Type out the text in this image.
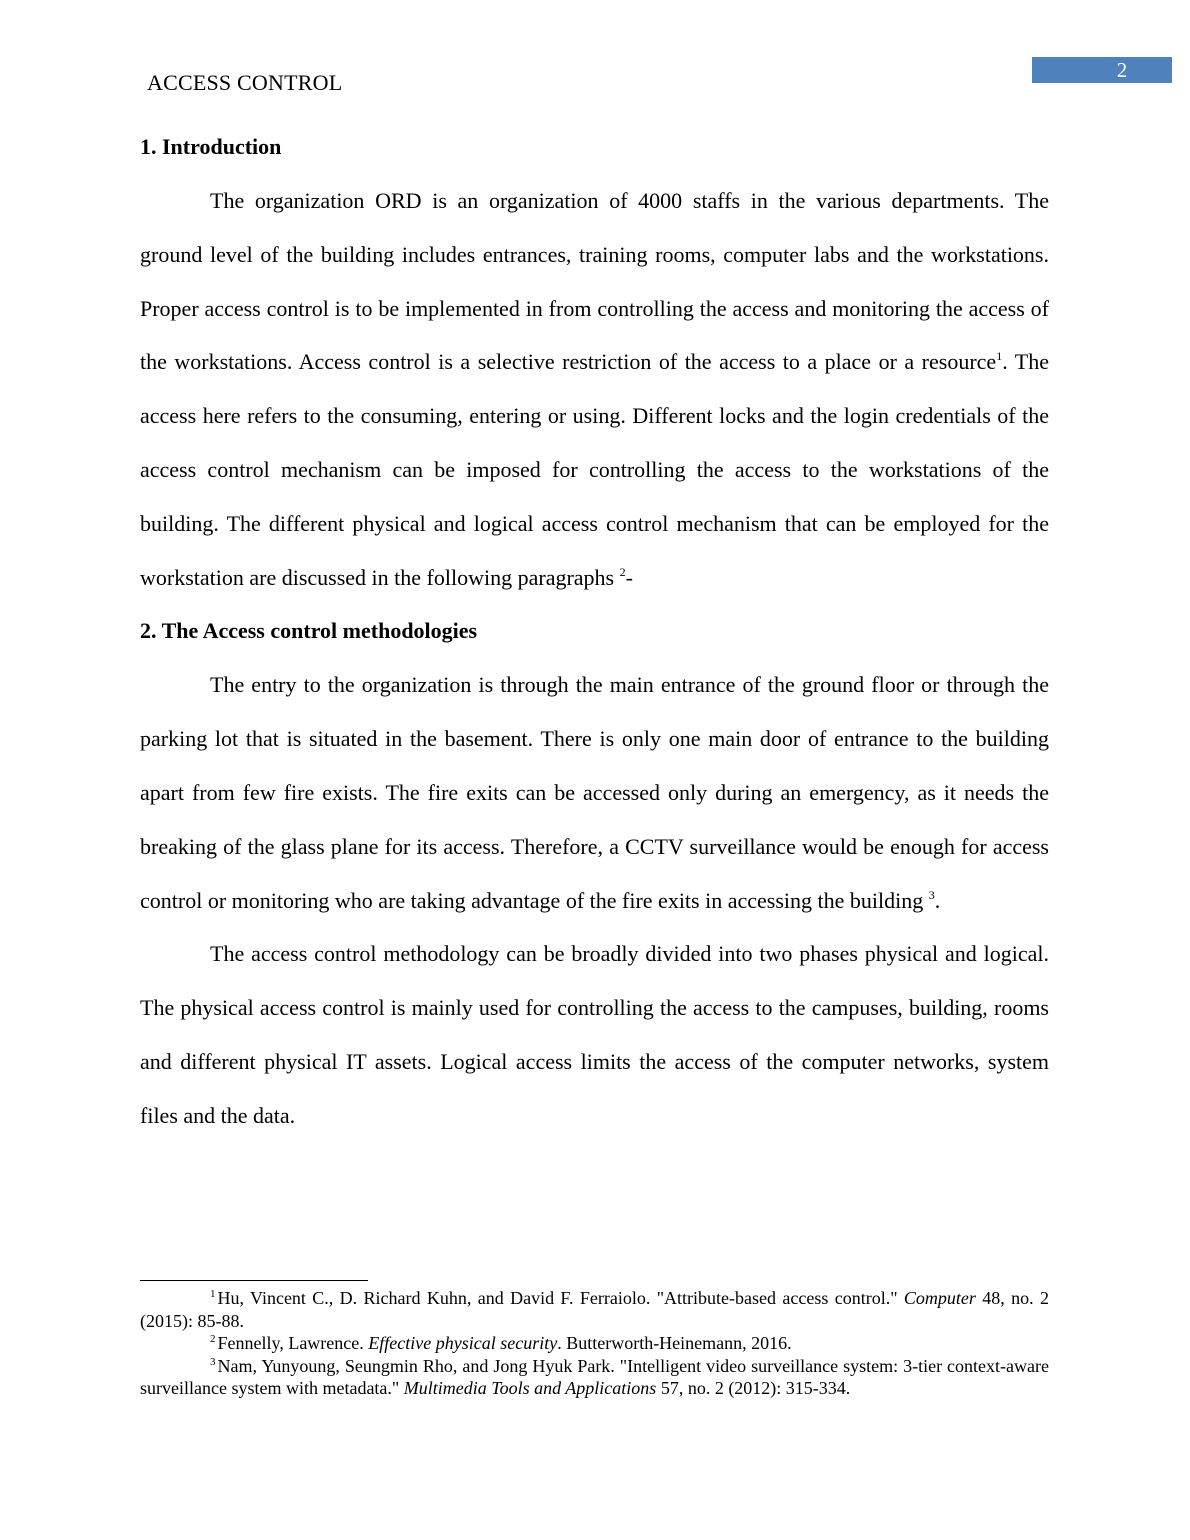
ACCESS CONTROL	2
1. Introduction

The organization ORD is an organization of 4000 staffs in the various departments. The ground level of the building includes entrances, training rooms, computer labs and the workstations. Proper access control is to be implemented in from controlling the access and monitoring the access of the workstations. Access control is a selective restriction of the access to a place or a resource$^1$. The access here refers to the consuming, entering or using. Different locks and the login credentials of the access control mechanism can be imposed for controlling the access to the workstations of the building. The different physical and logical access control mechanism that can be employed for the workstation are discussed in the following paragraphs $^2$-

2. The Access control methodologies

The entry to the organization is through the main entrance of the ground floor or through the parking lot that is situated in the basement. There is only one main door of entrance to the building apart from few fire exists. The fire exits can be accessed only during an emergency, as it needs the breaking of the glass plane for its access. Therefore, a CCTV surveillance would be enough for access control or monitoring who are taking advantage of the fire exits in accessing the building $^3$.

The access control methodology can be broadly divided into two phases physical and logical. The physical access control is mainly used for controlling the access to the campuses, building, rooms and different physical IT assets. Logical access limits the access of the computer networks, system files and the data.

$^1$ Hu, Vincent C., D. Richard Kuhn, and David F. Ferraiolo. "Attribute-based access control." Computer 48, no. 2 (2015): 85-88.

$^2$ Fennelly, Lawrence. Effective physical security. Butterworth-Heinemann, 2016.

$^3$ Nam, Yunyoung, Seungmin Rho, and Jong Hyuk Park. "Intelligent video surveillance system: 3-tier context-aware surveillance system with metadata." Multimedia Tools and Applications 57, no. 2 (2012): 315-334.
